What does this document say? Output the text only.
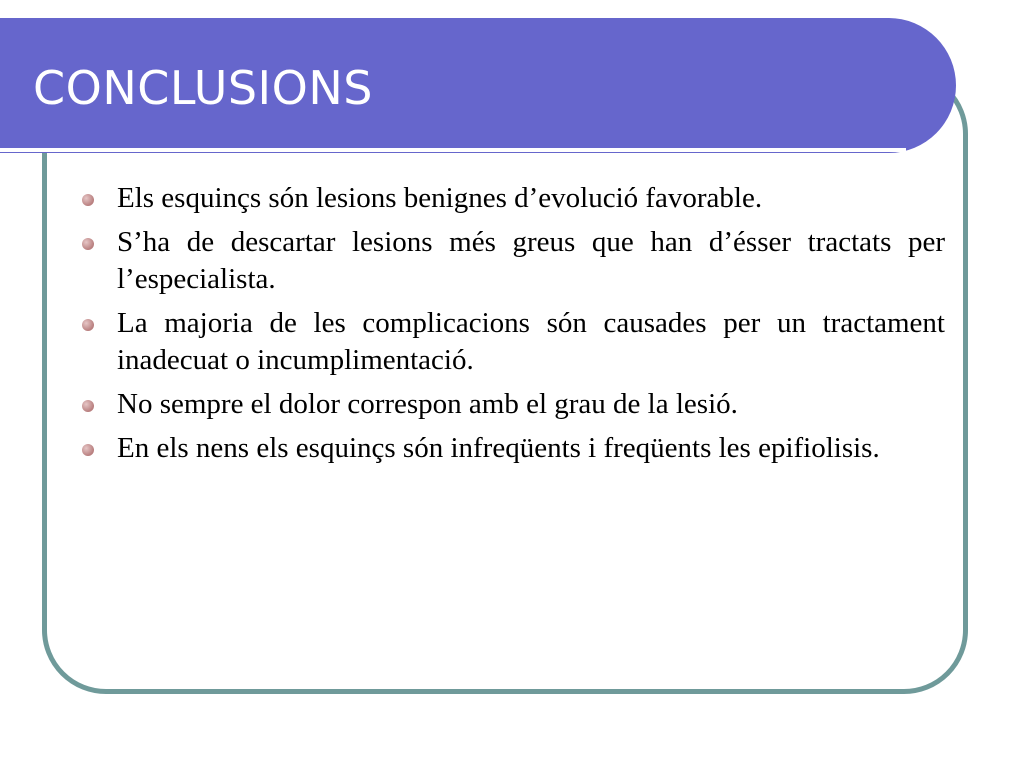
CONCLUSIONS
Els esquinçs són lesions benignes d’evolució favorable.
S’ha de descartar lesions més greus que han d’ésser tractats per l’especialista.
La majoria de les complicacions són causades per un tractament inadecuat o incumplimentació.
No sempre el dolor correspon amb el grau de la lesió.
En els nens els esquinçs són infreqüents i freqüents les epifiolisis.
